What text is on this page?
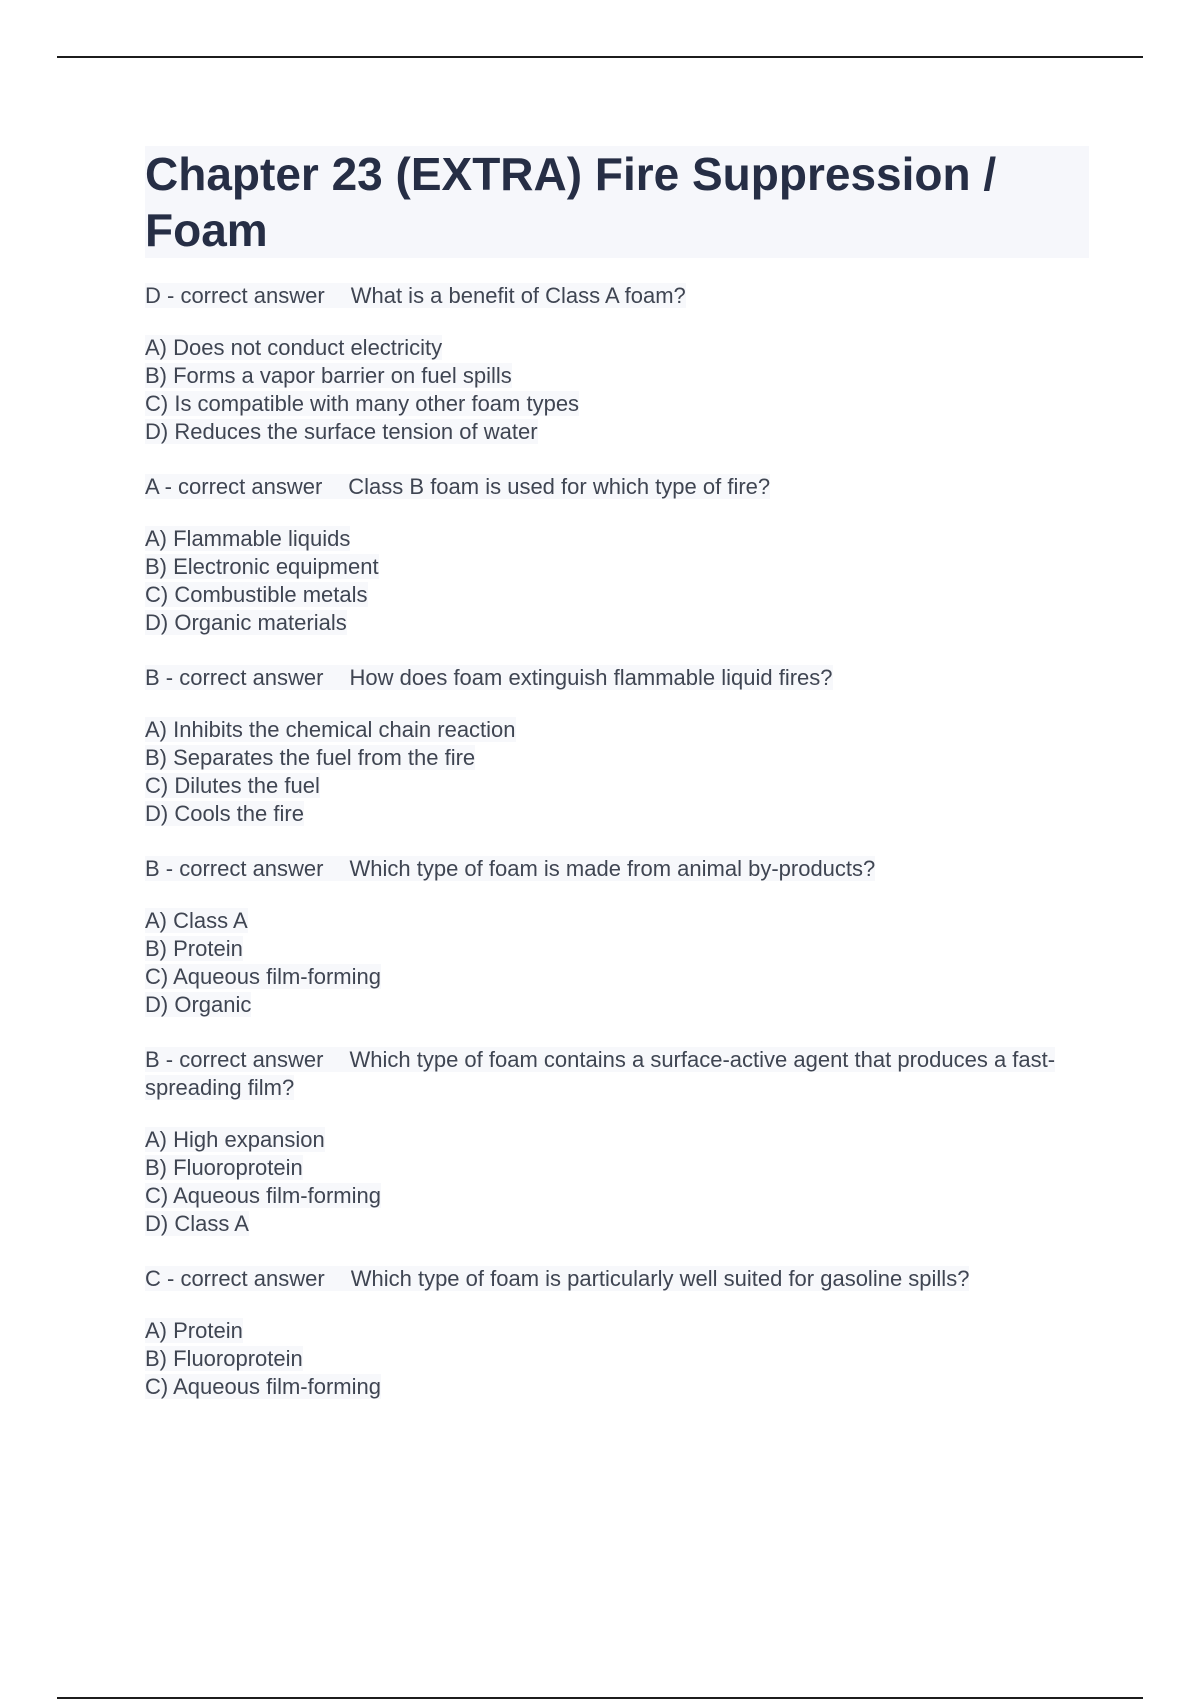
Chapter 23 (EXTRA) Fire Suppression / Foam
D - correct answer What is a benefit of Class A foam?
A) Does not conduct electricity
B) Forms a vapor barrier on fuel spills
C) Is compatible with many other foam types
D) Reduces the surface tension of water
A - correct answer Class B foam is used for which type of fire?
A) Flammable liquids
B) Electronic equipment
C) Combustible metals
D) Organic materials
B - correct answer How does foam extinguish flammable liquid fires?
A) Inhibits the chemical chain reaction
B) Separates the fuel from the fire
C) Dilutes the fuel
D) Cools the fire
B - correct answer Which type of foam is made from animal by-products?
A) Class A
B) Protein
C) Aqueous film-forming
D) Organic
B - correct answer Which type of foam contains a surface-active agent that produces a fast-spreading film?
A) High expansion
B) Fluoroprotein
C) Aqueous film-forming
D) Class A
C - correct answer Which type of foam is particularly well suited for gasoline spills?
A) Protein
B) Fluoroprotein
C) Aqueous film-forming
